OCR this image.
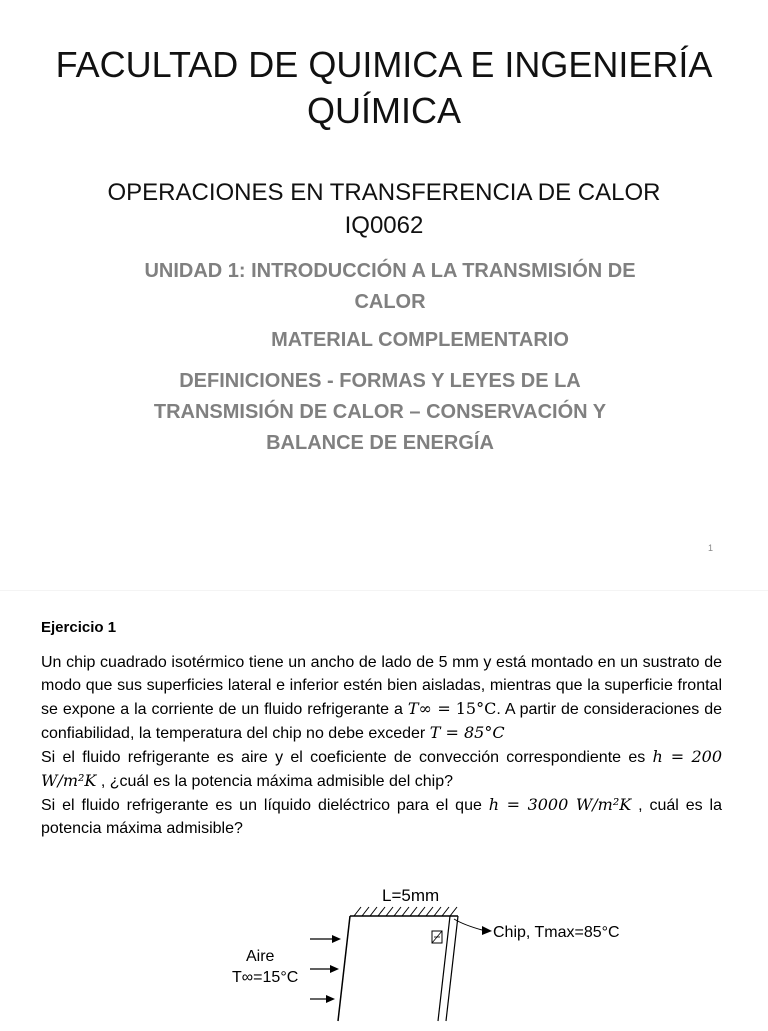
FACULTAD DE QUIMICA E INGENIERÍA QUÍMICA
OPERACIONES EN TRANSFERENCIA DE CALOR
IQ0062
UNIDAD 1: INTRODUCCIÓN A LA TRANSMISIÓN DE CALOR
MATERIAL COMPLEMENTARIO
DEFINICIONES - FORMAS Y LEYES DE LA TRANSMISIÓN DE CALOR – CONSERVACIÓN Y BALANCE DE ENERGÍA
1
Ejercicio 1

Un chip cuadrado isotérmico tiene un ancho de lado de 5 mm y está montado en un sustrato de modo que sus superficies lateral e inferior estén bien aisladas, mientras que la superficie frontal se expone a la corriente de un fluido refrigerante a T∞ = 15°C. A partir de consideraciones de confiabilidad, la temperatura del chip no debe exceder T = 85°C

Si el fluido refrigerante es aire y el coeficiente de convección correspondiente es h = 200 W/m²K , ¿cuál es la potencia máxima admisible del chip?

Si el fluido refrigerante es un líquido dieléctrico para el que h = 3000 W/m²K , cuál es la potencia máxima admisible?

L=5mm
Chip, Tmax=85°C
Aire
T∞=15°C
